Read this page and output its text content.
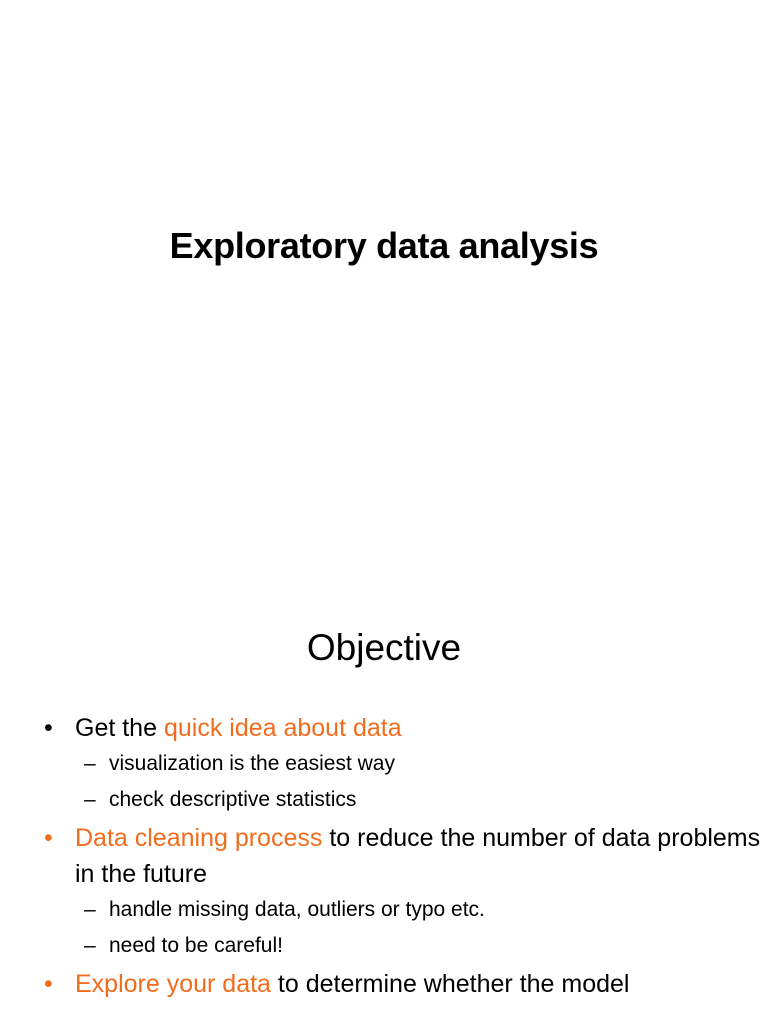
Exploratory data analysis
Objective
• Get the quick idea about data
– visualization is the easiest way
– check descriptive statistics
• Data cleaning process to reduce the number of data problems in the future
– handle missing data, outliers or typo etc.
– need to be careful!
• Explore your data to determine whether the model
